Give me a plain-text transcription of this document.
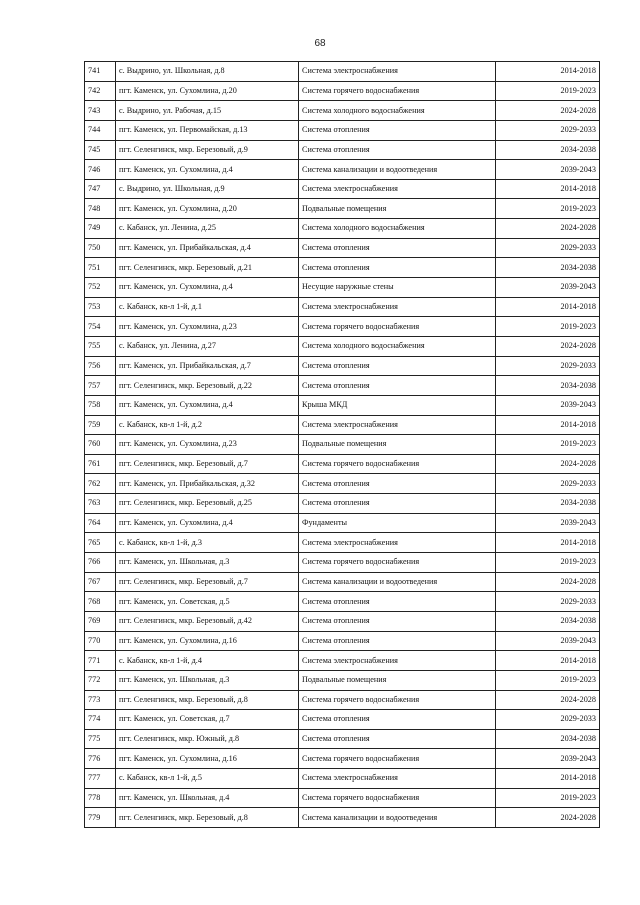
68
741	с. Выдрино, ул. Школьная, д.8	Система электроснабжения	2014-2018
742	пгт. Каменск, ул. Сухомлина, д.20	Система горячего водоснабжения	2019-2023
743	с. Выдрино, ул. Рабочая, д.15	Система холодного водоснабжения	2024-2028
744	пгт. Каменск, ул. Первомайская, д.13	Система отопления	2029-2033
745	пгт. Селенгинск, мкр. Березовый, д.9	Система отопления	2034-2038
746	пгт. Каменск, ул. Сухомлина, д.4	Система канализации и водоотведения	2039-2043
747	с. Выдрино, ул. Школьная, д.9	Система электроснабжения	2014-2018
748	пгт. Каменск, ул. Сухомлина, д.20	Подвальные помещения	2019-2023
749	с. Кабанск, ул. Ленина, д.25	Система холодного водоснабжения	2024-2028
750	пгт. Каменск, ул. Прибайкальская, д.4	Система отопления	2029-2033
751	пгт. Селенгинск, мкр. Березовый, д.21	Система отопления	2034-2038
752	пгт. Каменск, ул. Сухомлина, д.4	Несущие наружные стены	2039-2043
753	с. Кабанск, кв-л 1-й, д.1	Система электроснабжения	2014-2018
754	пгт. Каменск, ул. Сухомлина, д.23	Система горячего водоснабжения	2019-2023
755	с. Кабанск, ул. Ленина, д.27	Система холодного водоснабжения	2024-2028
756	пгт. Каменск, ул. Прибайкальская, д.7	Система отопления	2029-2033
757	пгт. Селенгинск, мкр. Березовый, д.22	Система отопления	2034-2038
758	пгт. Каменск, ул. Сухомлина, д.4	Крыша МКД	2039-2043
759	с. Кабанск, кв-л 1-й, д.2	Система электроснабжения	2014-2018
760	пгт. Каменск, ул. Сухомлина, д.23	Подвальные помещения	2019-2023
761	пгт. Селенгинск, мкр. Березовый, д.7	Система горячего водоснабжения	2024-2028
762	пгт. Каменск, ул. Прибайкальская, д.32	Система отопления	2029-2033
763	пгт. Селенгинск, мкр. Березовый, д.25	Система отопления	2034-2038
764	пгт. Каменск, ул. Сухомлина, д.4	Фундаменты	2039-2043
765	с. Кабанск, кв-л 1-й, д.3	Система электроснабжения	2014-2018
766	пгт. Каменск, ул. Школьная, д.3	Система горячего водоснабжения	2019-2023
767	пгт. Селенгинск, мкр. Березовый, д.7	Система канализации и водоотведения	2024-2028
768	пгт. Каменск, ул. Советская, д.5	Система отопления	2029-2033
769	пгт. Селенгинск, мкр. Березовый, д.42	Система отопления	2034-2038
770	пгт. Каменск, ул. Сухомлина, д.16	Система отопления	2039-2043
771	с. Кабанск, кв-л 1-й, д.4	Система электроснабжения	2014-2018
772	пгт. Каменск, ул. Школьная, д.3	Подвальные помещения	2019-2023
773	пгт. Селенгинск, мкр. Березовый, д.8	Система горячего водоснабжения	2024-2028
774	пгт. Каменск, ул. Советская, д.7	Система отопления	2029-2033
775	пгт. Селенгинск, мкр. Южный, д.8	Система отопления	2034-2038
776	пгт. Каменск, ул. Сухомлина, д.16	Система горячего водоснабжения	2039-2043
777	с. Кабанск, кв-л 1-й, д.5	Система электроснабжения	2014-2018
778	пгт. Каменск, ул. Школьная, д.4	Система горячего водоснабжения	2019-2023
779	пгт. Селенгинск, мкр. Березовый, д.8	Система канализации и водоотведения	2024-2028
